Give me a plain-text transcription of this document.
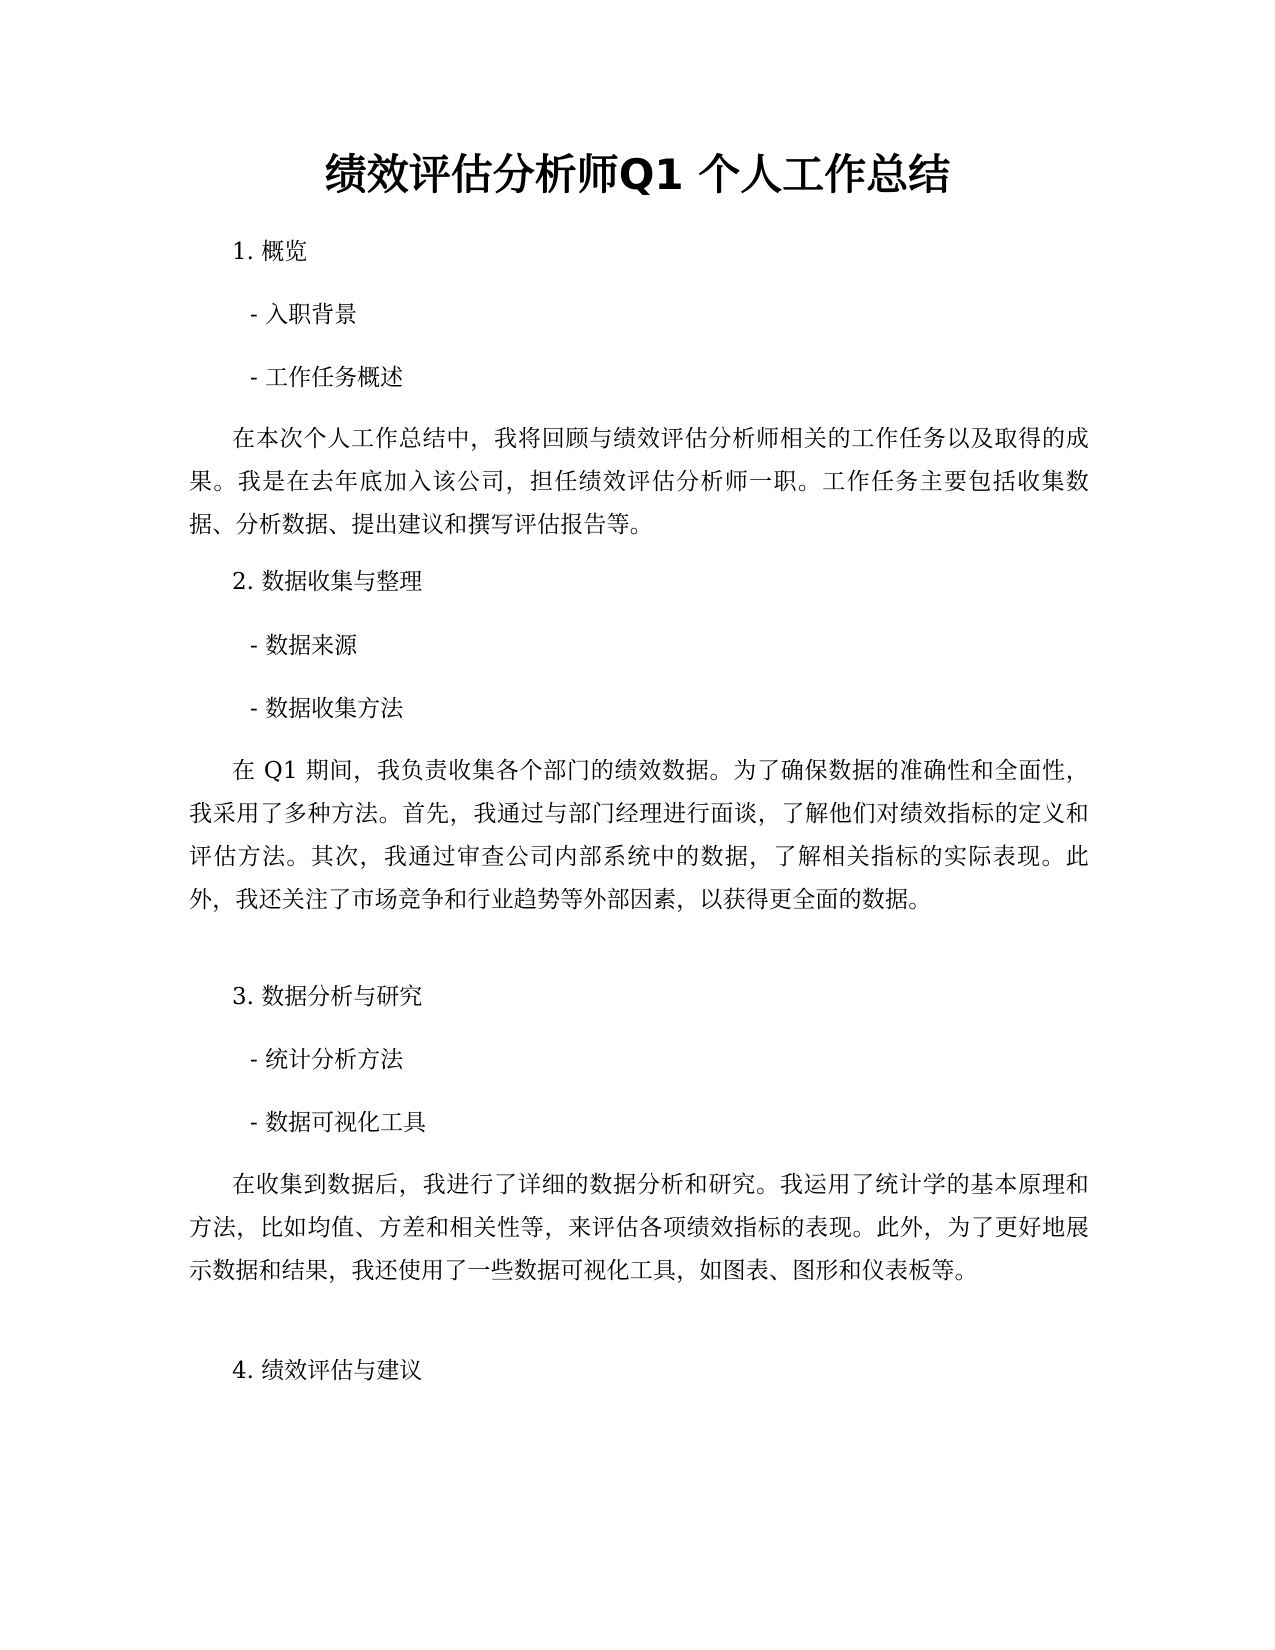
绩效评估分析师Q1 个人工作总结
1. 概览
- 入职背景
- 工作任务概述
在本次个人工作总结中，我将回顾与绩效评估分析师相关的工作任务以及取得的成果。我是在去年底加入该公司，担任绩效评估分析师一职。工作任务主要包括收集数据、分析数据、提出建议和撰写评估报告等。
2. 数据收集与整理
- 数据来源
- 数据收集方法
在 Q1 期间，我负责收集各个部门的绩效数据。为了确保数据的准确性和全面性，我采用了多种方法。首先，我通过与部门经理进行面谈，了解他们对绩效指标的定义和评估方法。其次，我通过审查公司内部系统中的数据，了解相关指标的实际表现。此外，我还关注了市场竞争和行业趋势等外部因素，以获得更全面的数据。
3. 数据分析与研究
- 统计分析方法
- 数据可视化工具
在收集到数据后，我进行了详细的数据分析和研究。我运用了统计学的基本原理和方法，比如均值、方差和相关性等，来评估各项绩效指标的表现。此外，为了更好地展示数据和结果，我还使用了一些数据可视化工具，如图表、图形和仪表板等。
4. 绩效评估与建议
